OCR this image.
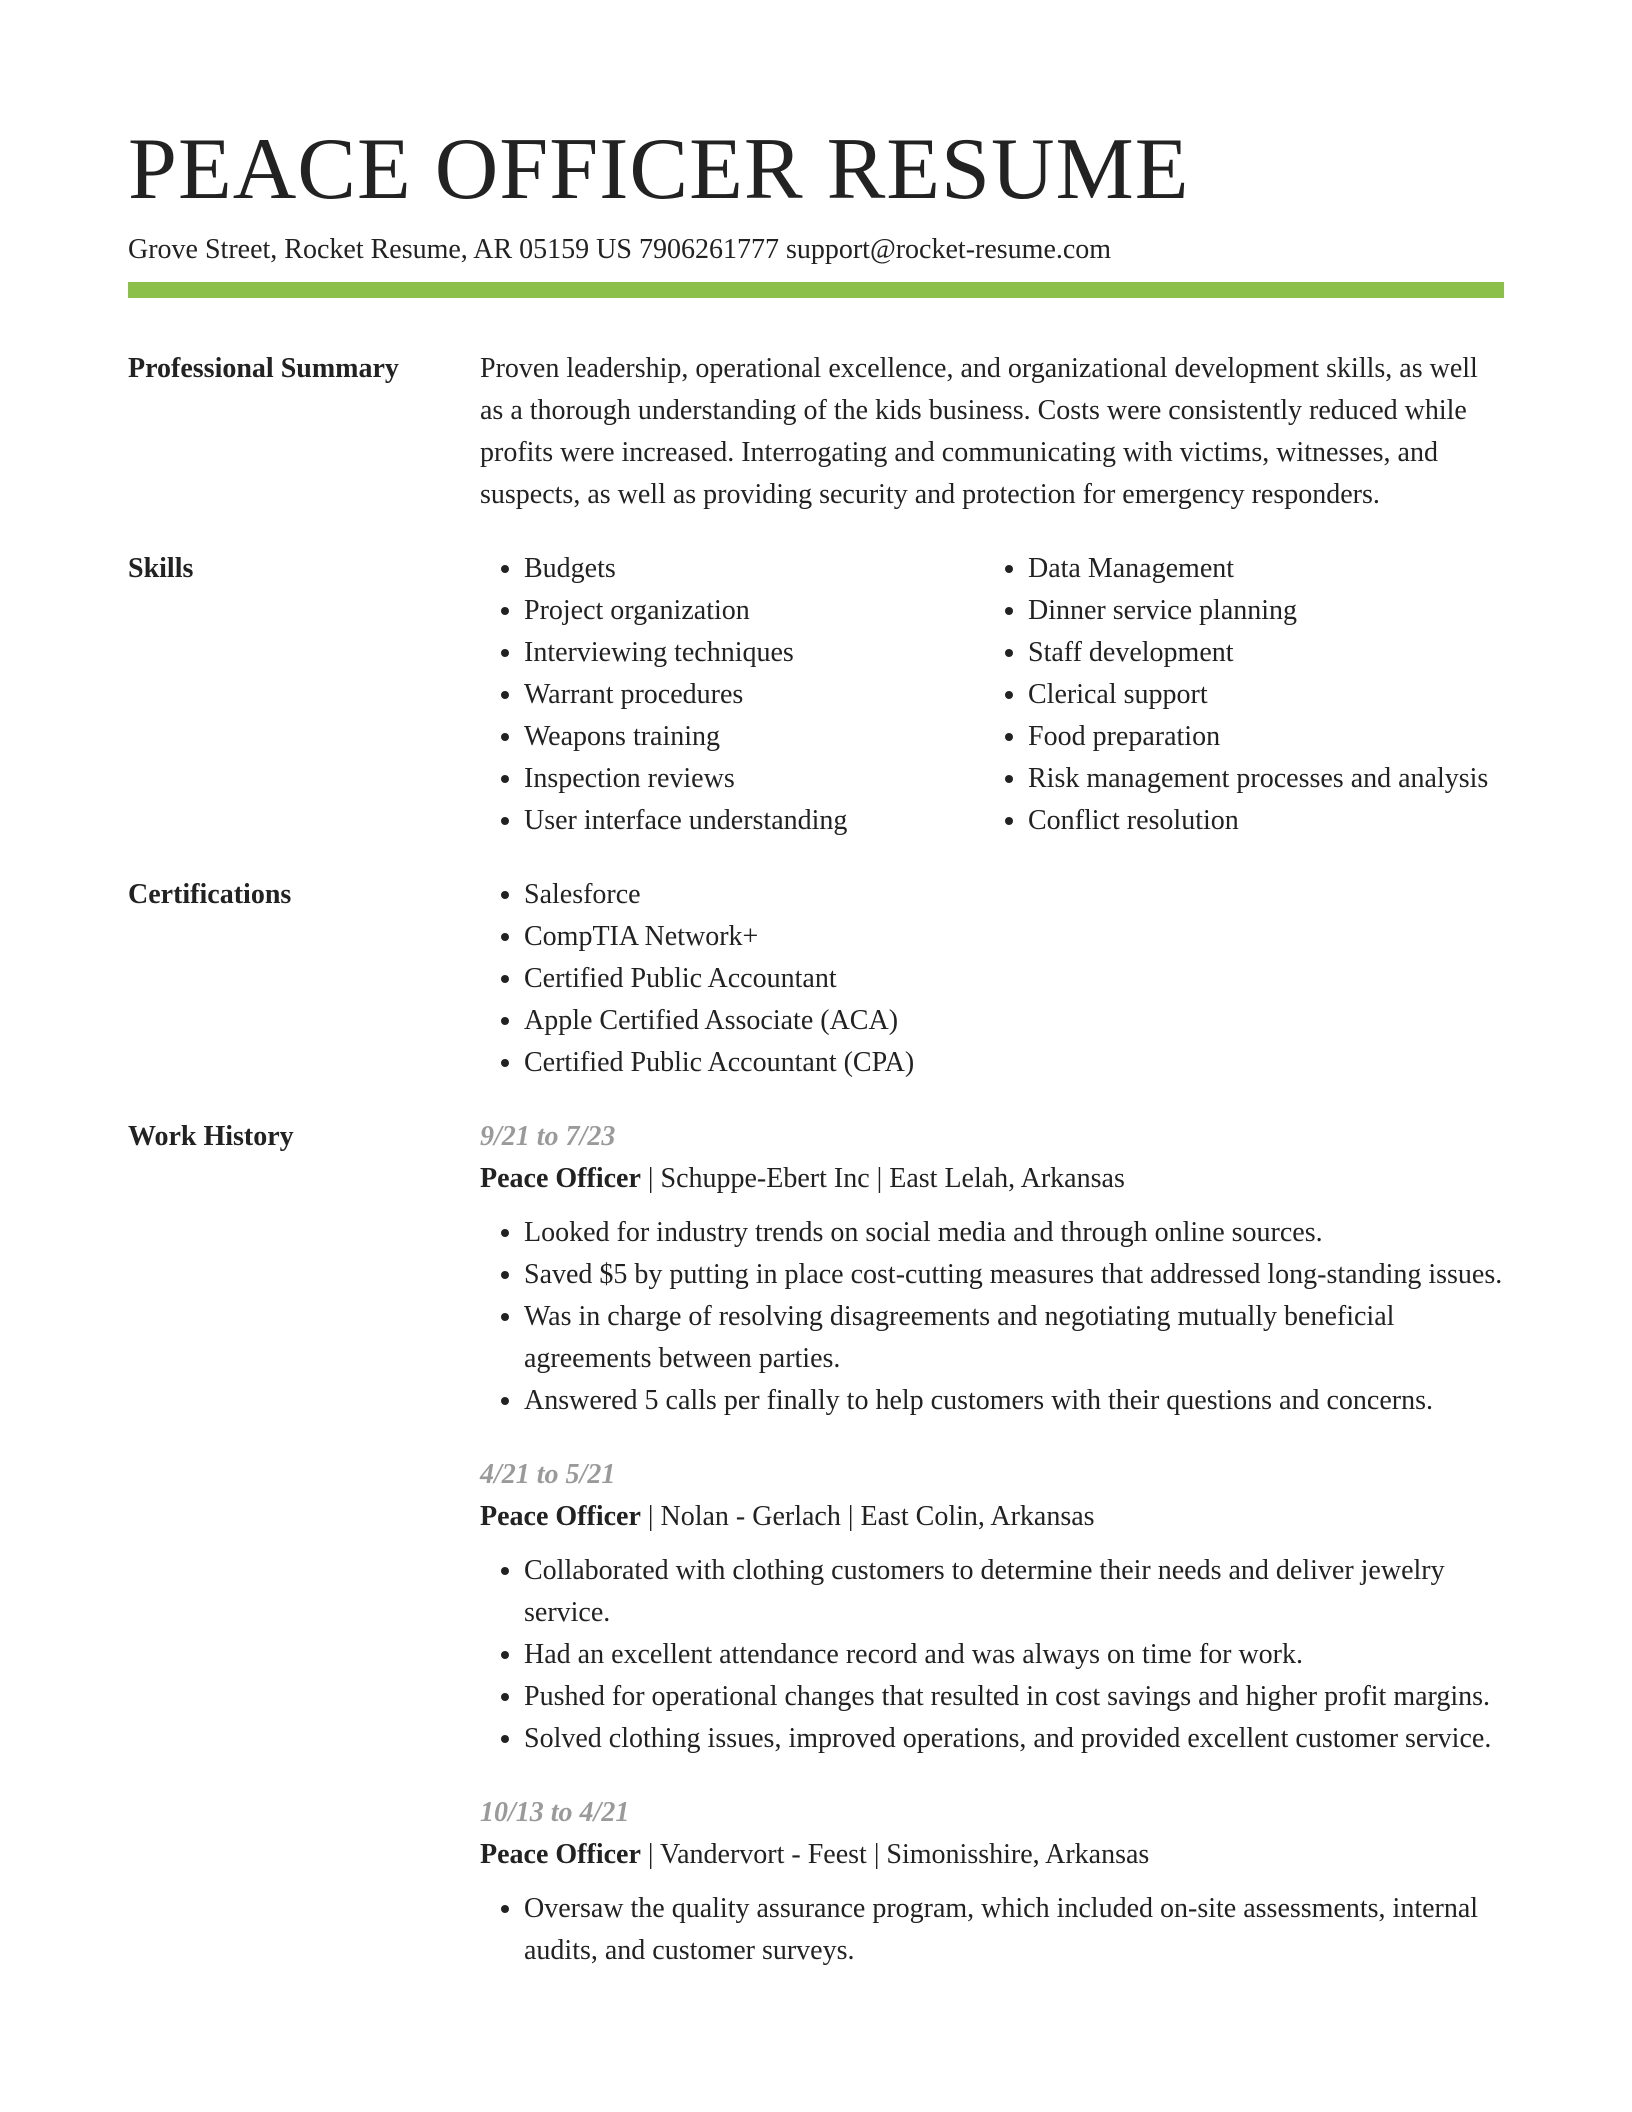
PEACE OFFICER RESUME
Grove Street, Rocket Resume, AR 05159 US 7906261777 support@rocket-resume.com
Professional Summary	Proven leadership, operational excellence, and organizational development skills, as well as a thorough understanding of the kids business. Costs were consistently reduced while profits were increased. Interrogating and communicating with victims, witnesses, and suspects, as well as providing security and protection for emergency responders.
Skills	• Budgets
• Project organization
• Interviewing techniques
• Warrant procedures
• Weapons training
• Inspection reviews
• User interface understanding
• Data Management
• Dinner service planning
• Staff development
• Clerical support
• Food preparation
• Risk management processes and analysis
• Conflict resolution
Certifications	• Salesforce
• CompTIA Network+
• Certified Public Accountant
• Apple Certified Associate (ACA)
• Certified Public Accountant (CPA)
Work History	9/21 to 7/23
Peace Officer | Schuppe-Ebert Inc | East Lelah, Arkansas
• Looked for industry trends on social media and through online sources.
• Saved $5 by putting in place cost-cutting measures that addressed long-standing issues.
• Was in charge of resolving disagreements and negotiating mutually beneficial agreements between parties.
• Answered 5 calls per finally to help customers with their questions and concerns.
4/21 to 5/21
Peace Officer | Nolan - Gerlach | East Colin, Arkansas
• Collaborated with clothing customers to determine their needs and deliver jewelry service.
• Had an excellent attendance record and was always on time for work.
• Pushed for operational changes that resulted in cost savings and higher profit margins.
• Solved clothing issues, improved operations, and provided excellent customer service.
10/13 to 4/21
Peace Officer | Vandervort - Feest | Simonisshire, Arkansas
• Oversaw the quality assurance program, which included on-site assessments, internal audits, and customer surveys.
